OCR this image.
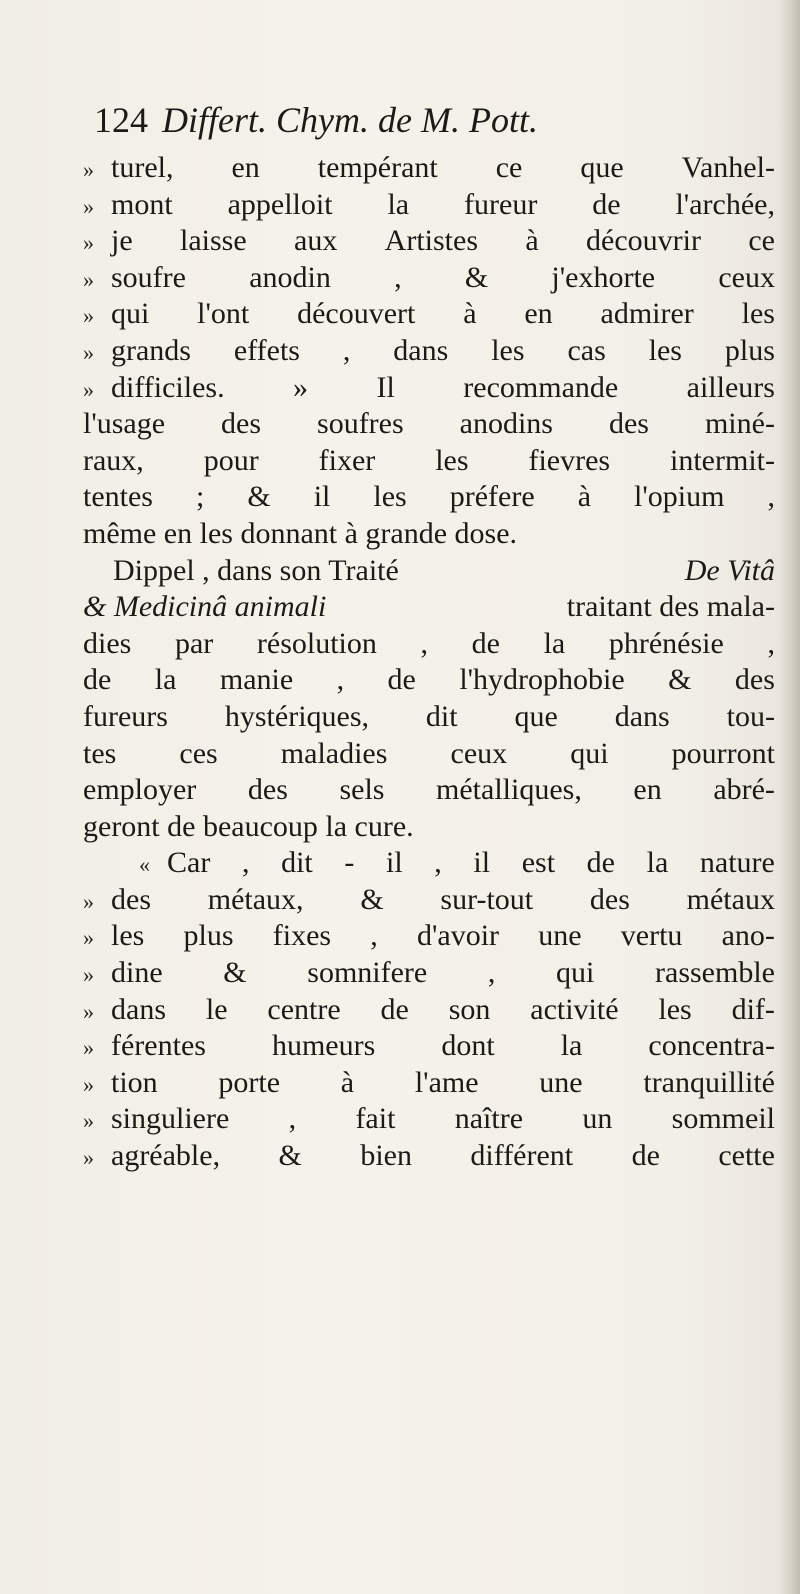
124 Differt. Chym. de M. Pott.
» turel, en tempérant ce que Vanhel-
» mont appelloit la fureur de l'archée,
» je laisse aux Artistes à découvrir ce
» soufre anodin , & j'exhorte ceux
» qui l'ont découvert à en admirer les
» grands effets , dans les cas les plus
» difficiles. » Il recommande ailleurs
l'usage des soufres anodins des miné-
raux, pour fixer les fievres intermit-
tentes ; & il les préfere à l'opium ,
même en les donnant à grande dose.
Dippel , dans son Traité	De Vitâ
& Medicinâ animali	traitant des mala-
dies par résolution , de la phrénésie ,
de la manie , de l'hydrophobie & des
fureurs hystériques, dit que dans tou-
tes ces maladies ceux qui pourront
employer des sels métalliques, en abré-
geront de beaucoup la cure.
« Car , dit - il , il est de la nature
» des métaux, & sur-tout des métaux
» les plus fixes , d'avoir une vertu ano-
» dine & somnifere , qui rassemble
» dans le centre de son activité les dif-
» férentes humeurs dont la concentra-
» tion porte à l'ame une tranquillité
» singuliere , fait naître un sommeil
» agréable, & bien différent de cette
